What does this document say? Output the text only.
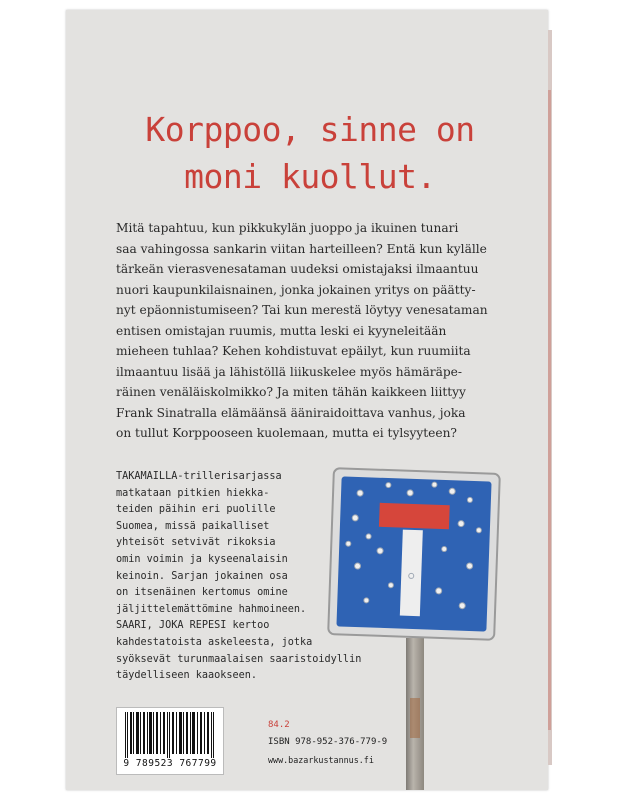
Korppoo, sinne on
moni kuollut.
Mitä tapahtuu, kun pikkukylän juoppo ja ikuinen tunari
saa vahingossa sankarin viitan harteilleen? Entä kun kylälle
tärkeän vierasvenesataman uudeksi omistajaksi ilmaantuu
nuori kaupunkilaisnainen, jonka jokainen yritys on päätty-
nyt epäonnistumiseen? Tai kun merestä löytyy venesataman
entisen omistajan ruumis, mutta leski ei kyyneleitään
mieheen tuhlaa? Kehen kohdistuvat epäilyt, kun ruumiita
ilmaantuu lisää ja lähistöllä liikuskelee myös hämäräpe-
räinen venäläiskolmikko? Ja miten tähän kaikkeen liittyy
Frank Sinatralla elämäänsä ääniraidoittava vanhus, joka
on tullut Korppooseen kuolemaan, mutta ei tylsyyteen?
TAKAMAILLA-trillerisarjassa
matkataan pitkien hiekka-
teiden päihin eri puolille
Suomea, missä paikalliset
yhteisöt setvivät rikoksia
omin voimin ja kyseenalaisin
keinoin. Sarjan jokainen osa
on itsenäinen kertomus omine
jäljittelemättömine hahmoineen.
SAARI, JOKA REPESI kertoo
kahdestatoista askeleesta, jotka
syöksevät turunmaalaisen saaristoidyllin
täydelliseen kaaokseen.
9 789523 767799
84.2
ISBN 978-952-376-779-9
www.bazarkustannus.fi
